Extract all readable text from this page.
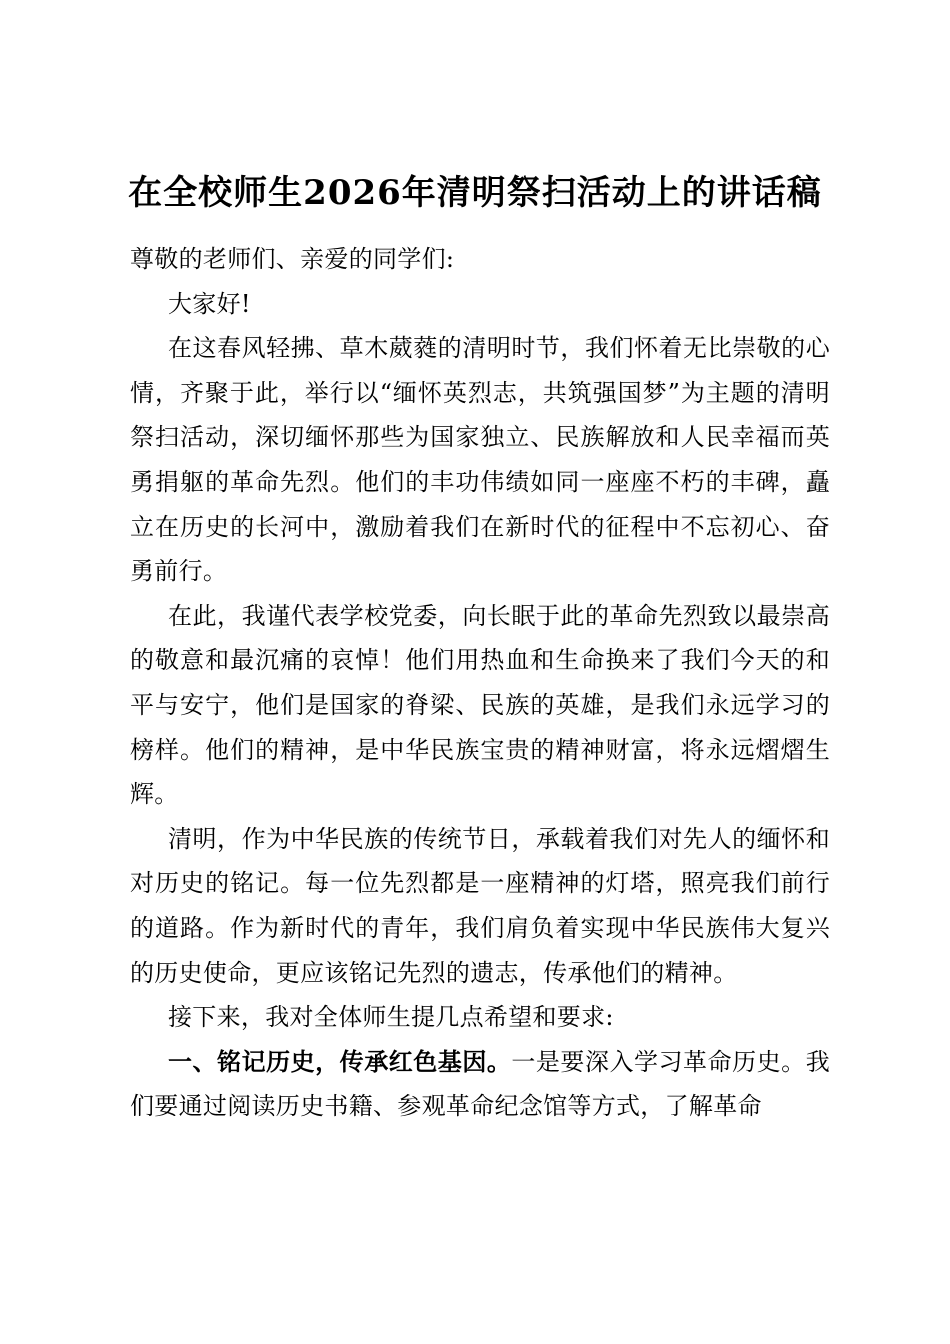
在全校师生2026年清明祭扫活动上的讲话稿

尊敬的老师们、亲爱的同学们:

大家好!

在这春风轻拂、草木葳蕤的清明时节，我们怀着无比崇敬的心情，齐聚于此，举行以“缅怀英烈志，共筑强国梦”为主题的清明祭扫活动，深切缅怀那些为国家独立、民族解放和人民幸福而英勇捐躯的革命先烈。他们的丰功伟绩如同一座座不朽的丰碑，矗立在历史的长河中，激励着我们在新时代的征程中不忘初心、奋勇前行。

在此，我谨代表学校党委，向长眠于此的革命先烈致以最崇高的敬意和最沉痛的哀悼！他们用热血和生命换来了我们今天的和平与安宁，他们是国家的脊梁、民族的英雄，是我们永远学习的榜样。他们的精神，是中华民族宝贵的精神财富，将永远熠熠生辉。

清明，作为中华民族的传统节日，承载着我们对先人的缅怀和对历史的铭记。每一位先烈都是一座精神的灯塔，照亮我们前行的道路。作为新时代的青年，我们肩负着实现中华民族伟大复兴的历史使命，更应该铭记先烈的遗志，传承他们的精神。

接下来，我对全体师生提几点希望和要求:

一、铭记历史，传承红色基因。一是要深入学习革命历史。我们要通过阅读历史书籍、参观革命纪念馆等方式，了解革命
